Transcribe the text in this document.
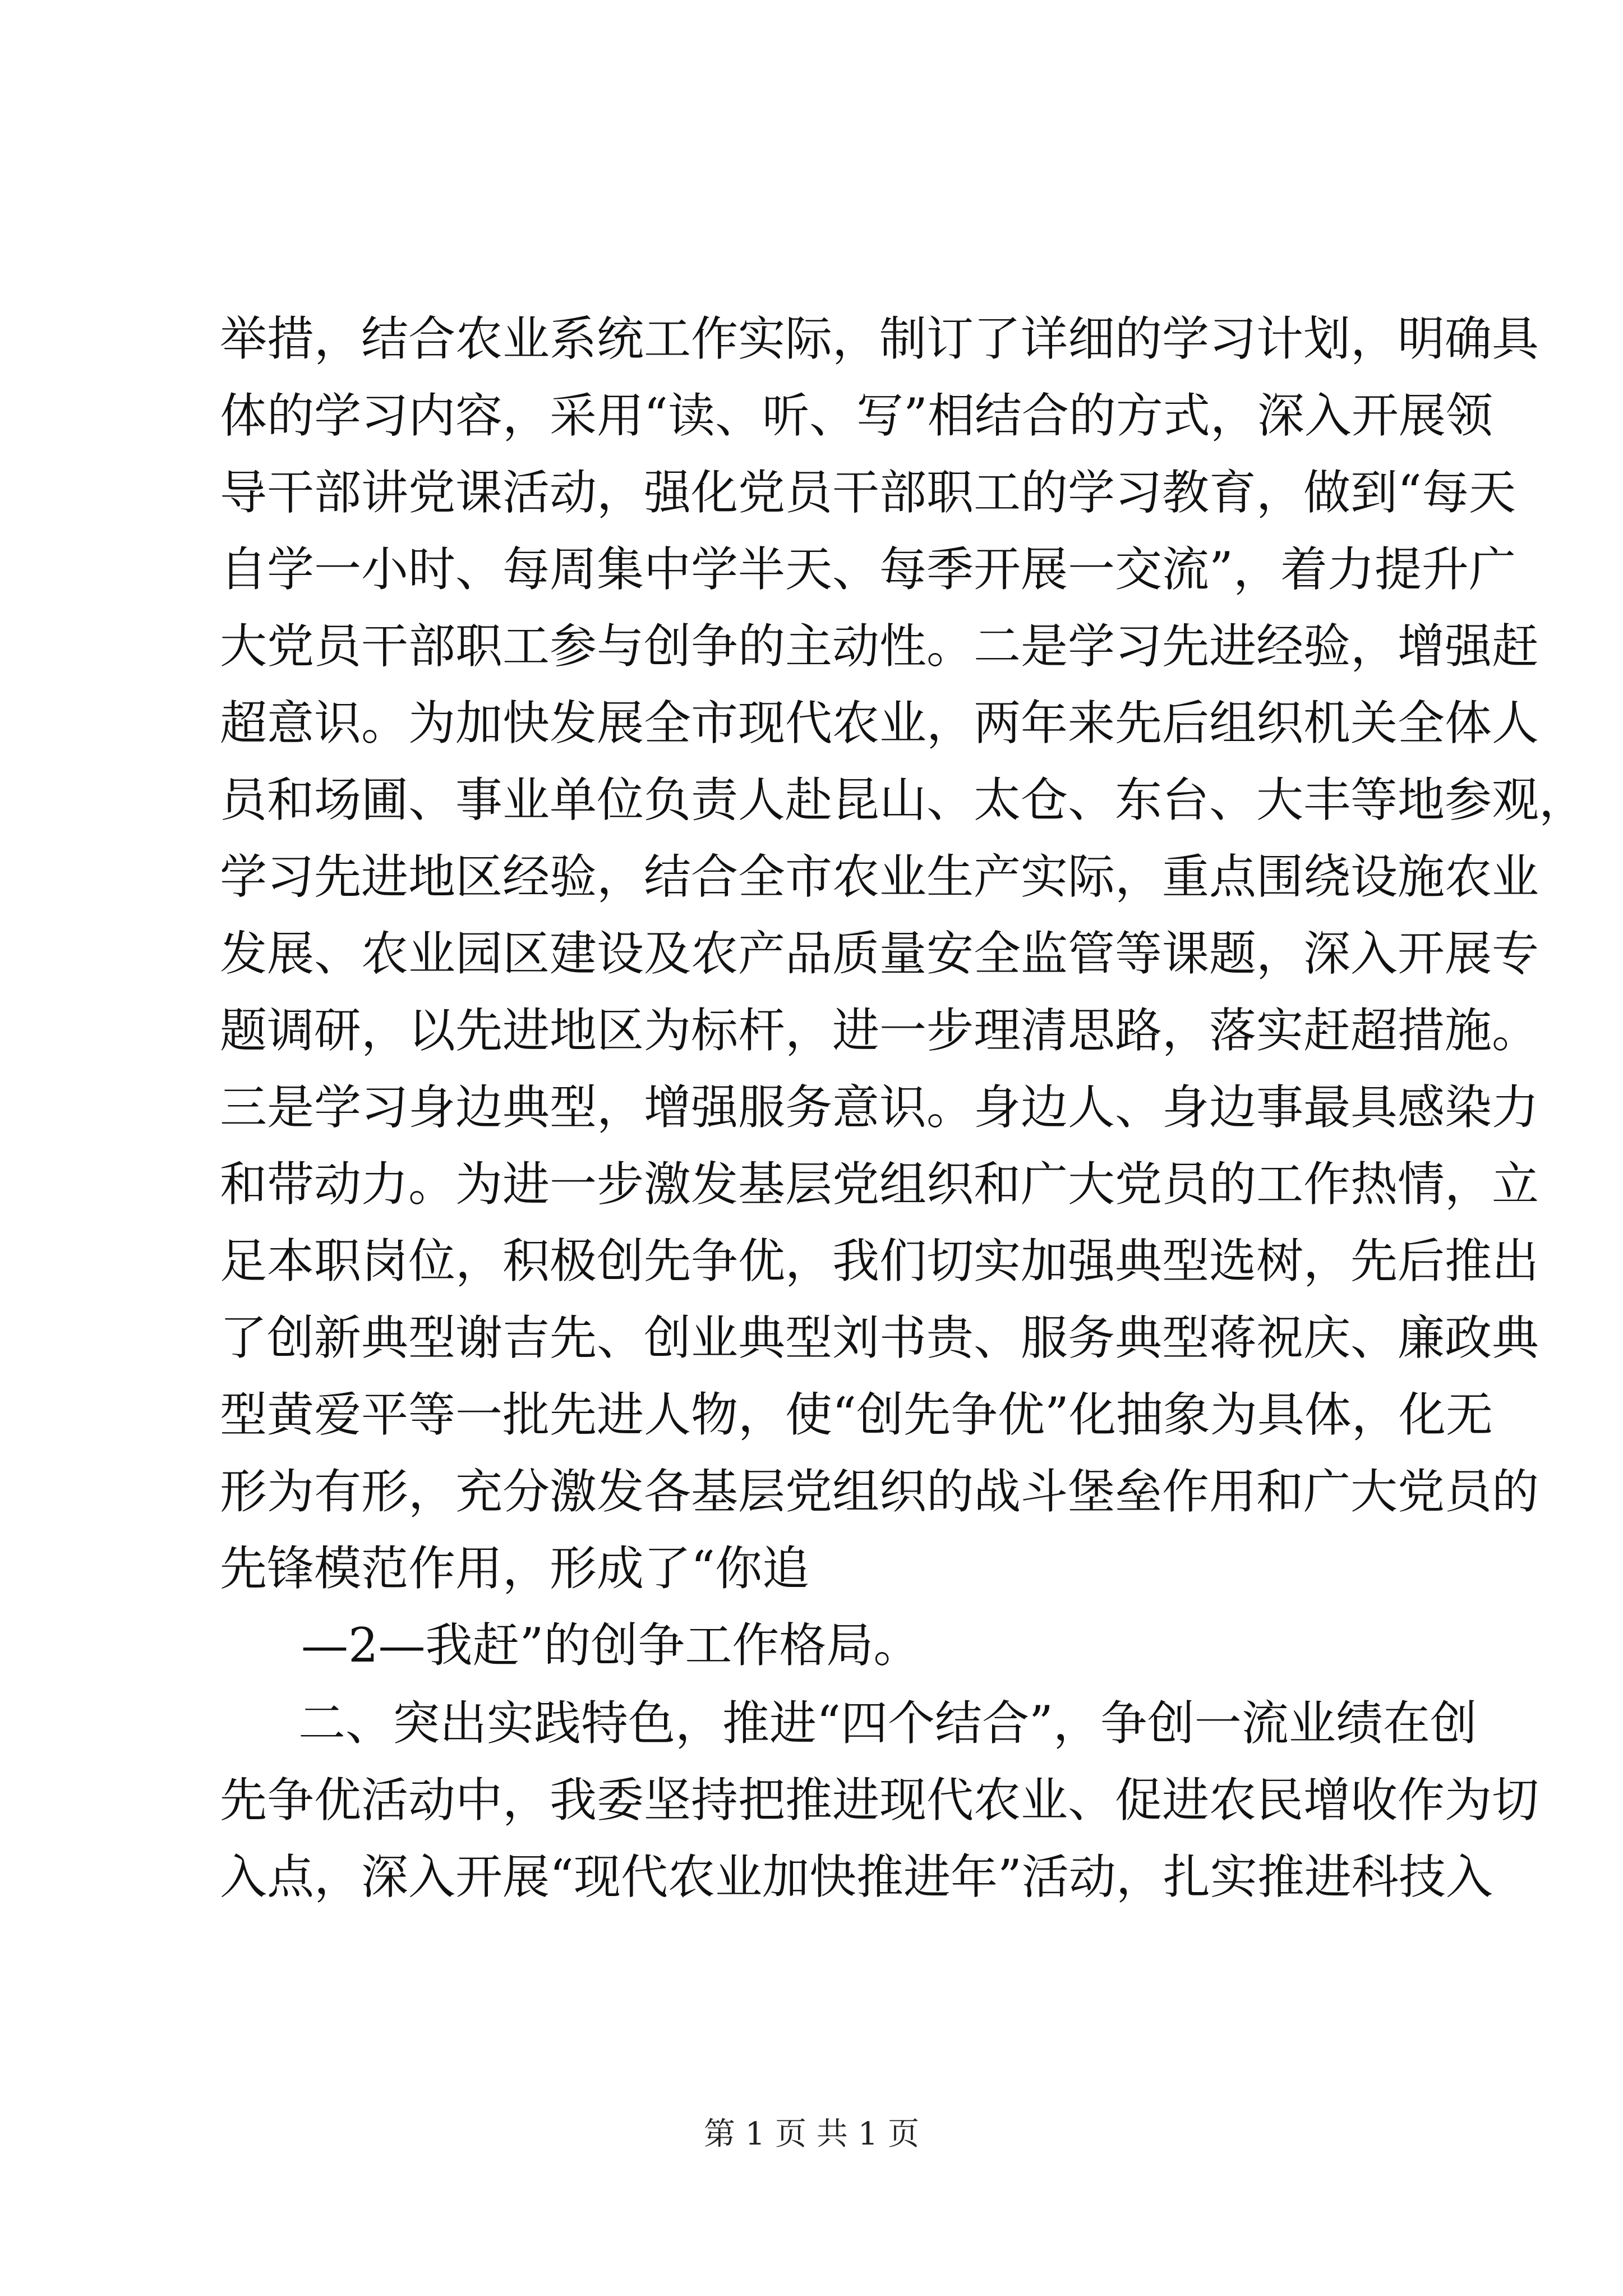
举措，结合农业系统工作实际，制订了详细的学习计划，明确具
体的学习内容，采用“读、听、写”相结合的方式，深入开展领
导干部讲党课活动，强化党员干部职工的学习教育，做到“每天
自学一小时、每周集中学半天、每季开展一交流”，着力提升广
大党员干部职工参与创争的主动性。二是学习先进经验，增强赶
超意识。为加快发展全市现代农业，两年来先后组织机关全体人
员和场圃、事业单位负责人赴昆山、太仓、东台、大丰等地参观，
学习先进地区经验，结合全市农业生产实际，重点围绕设施农业
发展、农业园区建设及农产品质量安全监管等课题，深入开展专
题调研，以先进地区为标杆，进一步理清思路，落实赶超措施。
三是学习身边典型，增强服务意识。身边人、身边事最具感染力
和带动力。为进一步激发基层党组织和广大党员的工作热情，立
足本职岗位，积极创先争优，我们切实加强典型选树，先后推出
了创新典型谢吉先、创业典型刘书贵、服务典型蒋祝庆、廉政典
型黄爱平等一批先进人物，使“创先争优”化抽象为具体，化无
形为有形，充分激发各基层党组织的战斗堡垒作用和广大党员的
先锋模范作用，形成了“你追
—2—我赶”的创争工作格局。
二、突出实践特色，推进“四个结合”，争创一流业绩在创
先争优活动中，我委坚持把推进现代农业、促进农民增收作为切
入点，深入开展“现代农业加快推进年”活动，扎实推进科技入
第 1 页 共 1 页
